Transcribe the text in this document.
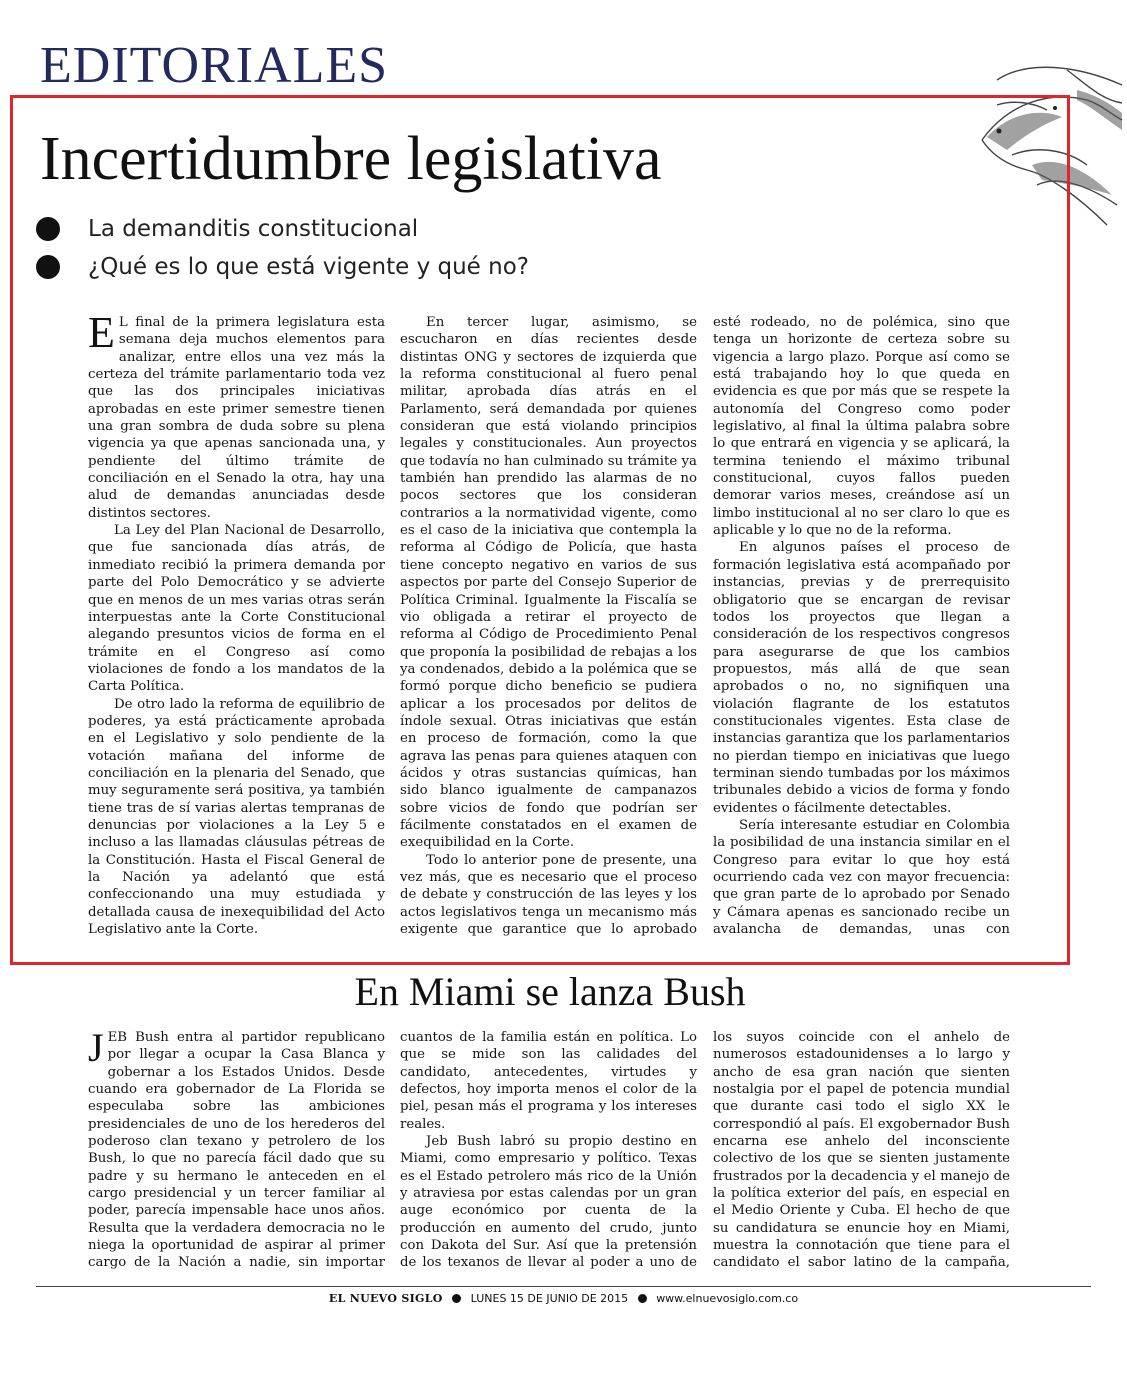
EDITORIALES
Incertidumbre legislativa
La demanditis constitucional
¿Qué es lo que está vigente y qué no?

E L final de la primera legislatura esta semana deja muchos elementos para analizar, entre ellos una vez más la certeza del trámite parlamentario toda vez que las dos principales iniciativas aprobadas en este primer semestre tienen una gran sombra de duda sobre su plena vigencia ya que apenas sancionada una, y pendiente del último trámite de conciliación en el Senado la otra, hay una alud de demandas anunciadas desde distintos sectores.

La Ley del Plan Nacional de Desarrollo, que fue sancionada días atrás, de inmediato recibió la primera demanda por parte del Polo Democrático y se advierte que en menos de un mes varias otras serán interpuestas ante la Corte Constitucional alegando presuntos vicios de forma en el trámite en el Congreso así como violaciones de fondo a los mandatos de la Carta Política.

De otro lado la reforma de equilibrio de poderes, ya está prácticamente aprobada en el Legislativo y solo pendiente de la votación mañana del informe de conciliación en la plenaria del Senado, que muy seguramente será positiva, ya también tiene tras de sí varias alertas tempranas de denuncias por violaciones a la Ley 5 e incluso a las llamadas cláusulas pétreas de la Constitución. Hasta el Fiscal General de la Nación ya adelantó que está confeccionando una muy estudiada y detallada causa de inexequibilidad del Acto Legislativo ante la Corte.

En tercer lugar, asimismo, se escucharon en días recientes desde distintas ONG y sectores de izquierda que la reforma constitucional al fuero penal militar, aprobada días atrás en el Parlamento, será demandada por quienes consideran que está violando principios legales y constitucionales. Aun proyectos que todavía no han culminado su trámite ya también han prendido las alarmas de no pocos sectores que los consideran contrarios a la normatividad vigente, como es el caso de la iniciativa que contempla la reforma al Código de Policía, que hasta tiene concepto negativo en varios de sus aspectos por parte del Consejo Superior de Política Criminal. Igualmente la Fiscalía se vio obligada a retirar el proyecto de reforma al Código de Procedimiento Penal que proponía la posibilidad de rebajas a los ya condenados, debido a la polémica que se formó porque dicho beneficio se pudiera aplicar a los procesados por delitos de índole sexual. Otras iniciativas que están en proceso de formación, como la que agrava las penas para quienes ataquen con ácidos y otras sustancias químicas, han sido blanco igualmente de campanazos sobre vicios de fondo que podrían ser fácilmente constatados en el examen de exequibilidad en la Corte.

Todo lo anterior pone de presente, una vez más, que es necesario que el proceso de debate y construcción de las leyes y los actos legislativos tenga un mecanismo más exigente que garantice que lo aprobado

esté rodeado, no de polémica, sino que tenga un horizonte de certeza sobre su vigencia a largo plazo. Porque así como se está trabajando hoy lo que queda en evidencia es que por más que se respete la autonomía del Congreso como poder legislativo, al final la última palabra sobre lo que entrará en vigencia y se aplicará, la termina teniendo el máximo tribunal constitucional, cuyos fallos pueden demorar varios meses, creándose así un limbo institucional al no ser claro lo que es aplicable y lo que no de la reforma.

En algunos países el proceso de formación legislativa está acompañado por instancias, previas y de prerrequisito obligatorio que se encargan de revisar todos los proyectos que llegan a consideración de los respectivos congresos para asegurarse de que los cambios propuestos, más allá de que sean aprobados o no, no signifiquen una violación flagrante de los estatutos constitucionales vigentes. Esta clase de instancias garantiza que los parlamentarios no pierdan tiempo en iniciativas que luego terminan siendo tumbadas por los máximos tribunales debido a vicios de forma y fondo evidentes o fácilmente detectables.

Sería interesante estudiar en Colombia la posibilidad de una instancia similar en el Congreso para evitar lo que hoy está ocurriendo cada vez con mayor frecuencia: que gran parte de lo aprobado por Senado y Cámara apenas es sancionado recibe un avalancha de demandas, unas con

En Miami se lanza Bush

JEB Bush entra al partidor republicano por llegar a ocupar la Casa Blanca y gobernar a los Estados Unidos. Desde cuando era gobernador de La Florida se especulaba sobre las ambiciones presidenciales de uno de los herederos del poderoso clan texano y petrolero de los Bush, lo que no parecía fácil dado que su padre y su hermano le anteceden en el cargo presidencial y un tercer familiar al poder, parecía impensable hace unos años. Resulta que la verdadera democracia no le niega la oportunidad de aspirar al primer cargo de la Nación a nadie, sin importar

cuantos de la familia están en política. Lo que se mide son las calidades del candidato, antecedentes, virtudes y defectos, hoy importa menos el color de la piel, pesan más el programa y los intereses reales.

Jeb Bush labró su propio destino en Miami, como empresario y político. Texas es el Estado petrolero más rico de la Unión y atraviesa por estas calendas por un gran auge económico por cuenta de la producción en aumento del crudo, junto con Dakota del Sur. Así que la pretensión de los texanos de llevar al poder a uno de

los suyos coincide con el anhelo de numerosos estadounidenses a lo largo y ancho de esa gran nación que sienten nostalgia por el papel de potencia mundial que durante casi todo el siglo XX le correspondió al país. El exgobernador Bush encarna ese anhelo del inconsciente colectivo de los que se sienten justamente frustrados por la decadencia y el manejo de la política exterior del país, en especial en el Medio Oriente y Cuba. El hecho de que su candidatura se enuncie hoy en Miami, muestra la connotación que tiene para el candidato el sabor latino de la campaña,

EL NUEVO SIGLO	LUNES 15 DE JUNIO DE 2015	www.elnuevosiglo.com.co
